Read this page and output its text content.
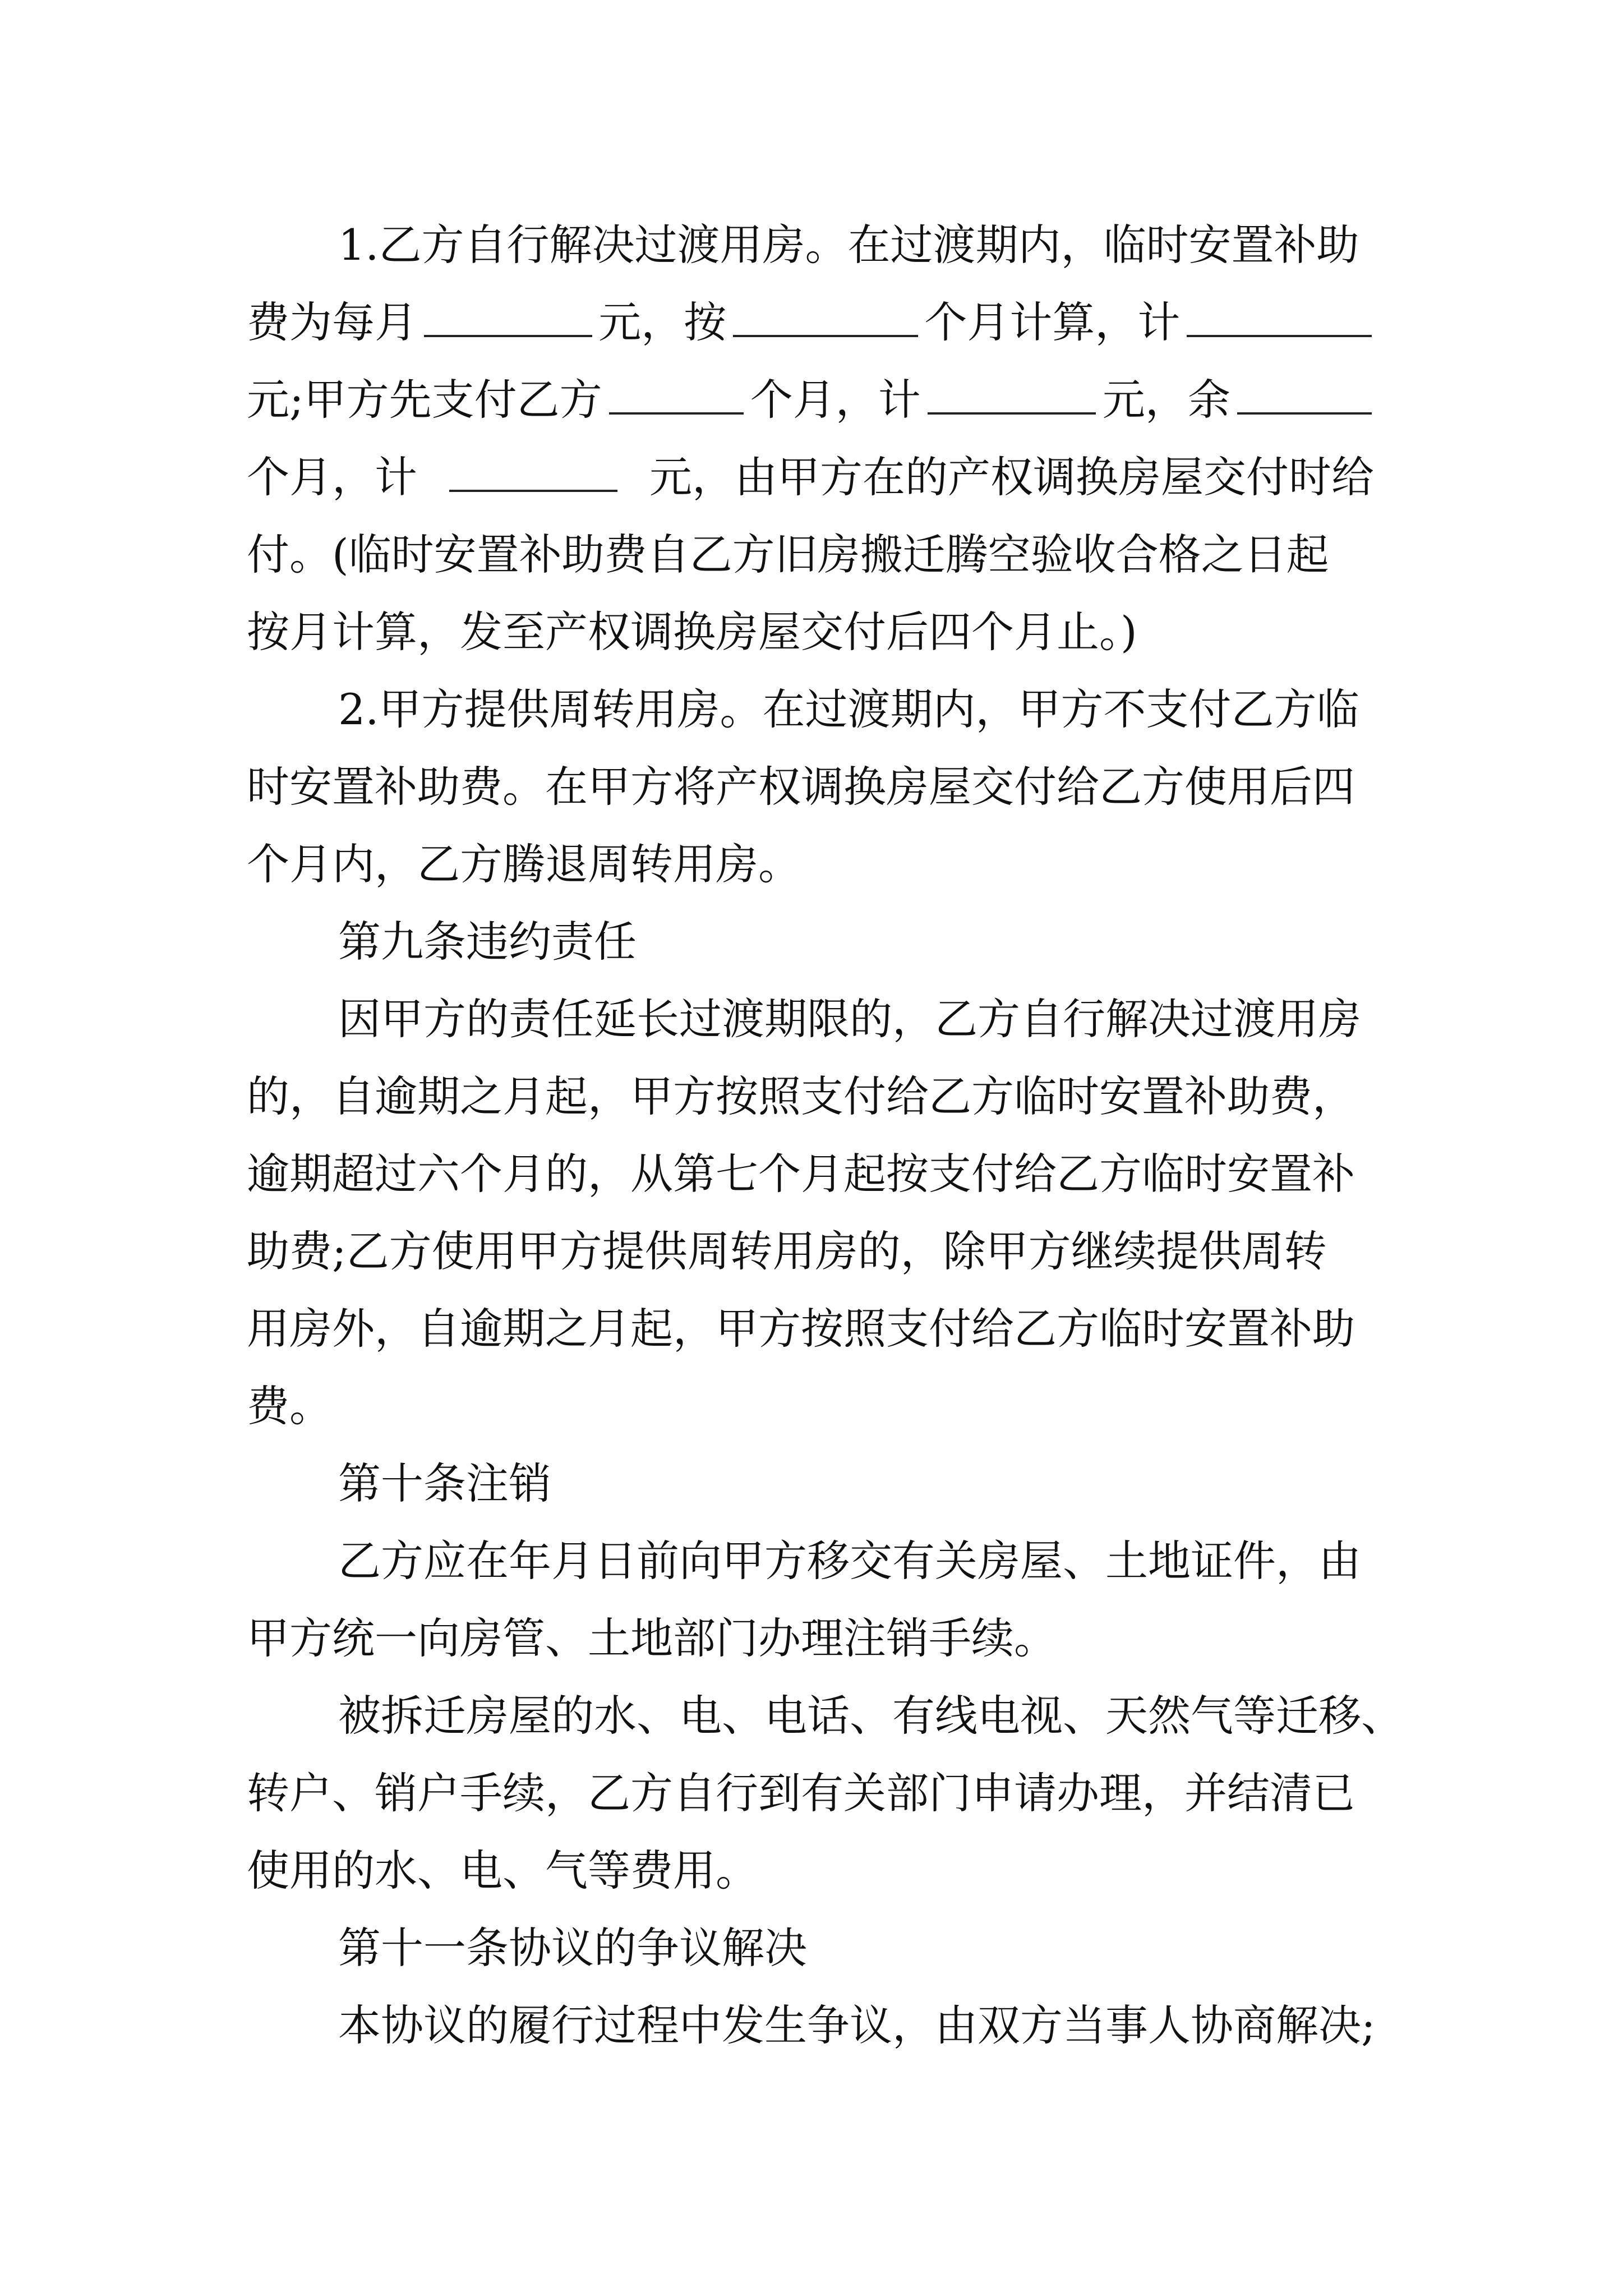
1.乙方自行解决过渡用房。在过渡期内，临时安置补助
费为每月	元，按	个月计算，计
元;甲方先支付乙方	个月，计	元，余
个月，计	元，由甲方在的产权调换房屋交付时给
付。(临时安置补助费自乙方旧房搬迁腾空验收合格之日起
按月计算，发至产权调换房屋交付后四个月止。)
2.甲方提供周转用房。在过渡期内，甲方不支付乙方临
时安置补助费。在甲方将产权调换房屋交付给乙方使用后四
个月内，乙方腾退周转用房。
第九条违约责任
因甲方的责任延长过渡期限的，乙方自行解决过渡用房
的，自逾期之月起，甲方按照支付给乙方临时安置补助费，
逾期超过六个月的，从第七个月起按支付给乙方临时安置补
助费;乙方使用甲方提供周转用房的，除甲方继续提供周转
用房外，自逾期之月起，甲方按照支付给乙方临时安置补助
费。
第十条注销
乙方应在年月日前向甲方移交有关房屋、土地证件，由
甲方统一向房管、土地部门办理注销手续。
被拆迁房屋的水、电、电话、有线电视、天然气等迁移、
转户、销户手续，乙方自行到有关部门申请办理，并结清已
使用的水、电、气等费用。
第十一条协议的争议解决
本协议的履行过程中发生争议，由双方当事人协商解决;
